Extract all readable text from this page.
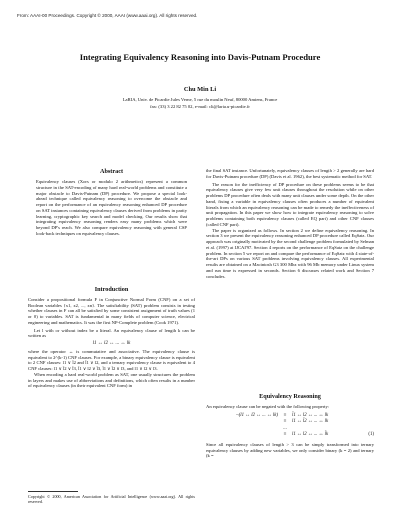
From: AAAI-00 Proceedings. Copyright © 2000, AAAI (www.aaai.org). All rights reserved.
Integrating Equivalency Reasoning into Davis-Putnam Procedure
Chu Min Li
LaRIA, Univ. de Picardie Jules Verne, 5 rue du moulin Neuf, 80000 Amiens, France
fax: (33) 3 22 82 75 02, e-mail: cli@laria.u-picardie.fr
Abstract
Equivalency clauses (Xors or modulo 2 arithmetics) represent a common structure in the SAT-encoding of many hard real-world problems and constitute a major obstacle to Davis-Putnam (DP) procedure. We propose a special look-ahead technique called equivalency reasoning to overcome the obstacle and report on the performance of an equivalency reasoning enhanced DP procedure on SAT instances containing equivalency clauses derived from problems in parity learning, cryptographic key search and model checking. Our results show that integrating equivalency reasoning renders easy many problems which were beyond DP's reach. We also compare equivalency reasoning with general CSP look-back techniques on equivalency clauses.
Introduction

Consider a propositional formula F in Conjunctive Normal Form (CNF) on a set of Boolean variables {x1, x2, ..., xn}. The satisfiability (SAT) problem consists in testing whether clauses in F can all be satisfied by some consistent assignment of truth values (1 or 0) to variables. SAT is fundamental in many fields of computer science, electrical engineering and mathematics. It was the first NP-Complete problem (Cook 1971).

Let l with or without index be a literal. An equivalency clause of length k can be written as

l1 ↔ l2 ↔ ... ↔ lk

where the operator ↔ is commutative and associative. The equivalency clause is equivalent to 2^(k-1) CNF clauses. For example, a binary equivalency clause is equivalent to 2 CNF clauses: l1 ∨ l̄2 and l̄1 ∨ l2, and a ternary equivalency clause is equivalent to 4 CNF clauses: l1 ∨ l̄2 ∨ l̄3, l̄1 ∨ l2 ∨ l̄3, l̄1 ∨ l̄2 ∨ l3, and l1 ∨ l2 ∨ l3.

When encoding a hard real-world problem as SAT, one usually structures the problem in layers and makes use of abbreviations and definitions, which often results in a number of equivalency clauses (in their equivalent CNF form) in

Copyright © 2000, American Association for Artificial Intelligence (www.aaai.org). All rights reserved.

the final SAT instance. Unfortunately, equivalency clauses of length > 2 generally are hard for Davis-Putnam procedure (DP) (Davis et al. 1962), the best systematic method for SAT.

The reason for the inefficiency of DP procedure on these problems seems to be that equivalency clauses give very few unit clauses throughout the resolution while on other problems DP procedure often deals with many unit clauses under some depth. On the other hand, fixing a variable in equivalency clauses often produces a number of equivalent literals from which an equivalency reasoning can be made to remedy the ineffectiveness of unit propagation. In this paper we show how to integrate equivalency reasoning to solve problems containing both equivalency clauses (called EQ part) and other CNF clauses (called CNF part).

The paper is organized as follows. In section 2 we define equivalency reasoning. In section 3 we present the equivalency reasoning enhanced DP procedure called EqSatz. Our approach was originally motivated by the second challenge problem formulated by Selman et al. (1997) at IJCAI'97. Section 4 reports on the performance of EqSatz on the challenge problem. In section 5 we report on and compare the performance of EqSatz with 4 state-of-the-art DPs on various SAT problems involving equivalency clauses. All experimental results are obtained on a Macintosh G3 300 Mhz with 96 Mb memory under Linux system and run time is expressed in seconds. Section 6 discusses related work and Section 7 concludes.

Equivalency Reasoning

An equivalency clause can be negated with the following property:

¬(l1 ↔ l2 ↔ ... ↔ lk)	≡	l̄1 ↔ l2 ↔ ... ↔ lk
≡	l1 ↔ l̄2 ↔ ... ↔ lk
...
≡	l1 ↔ l2 ↔ ... ↔ l̄k	(1)

Since all equivalency clauses of length > 3 can be simply transformed into ternary equivalency clauses by adding new variables, we only consider binary (k = 2) and ternary (k =
